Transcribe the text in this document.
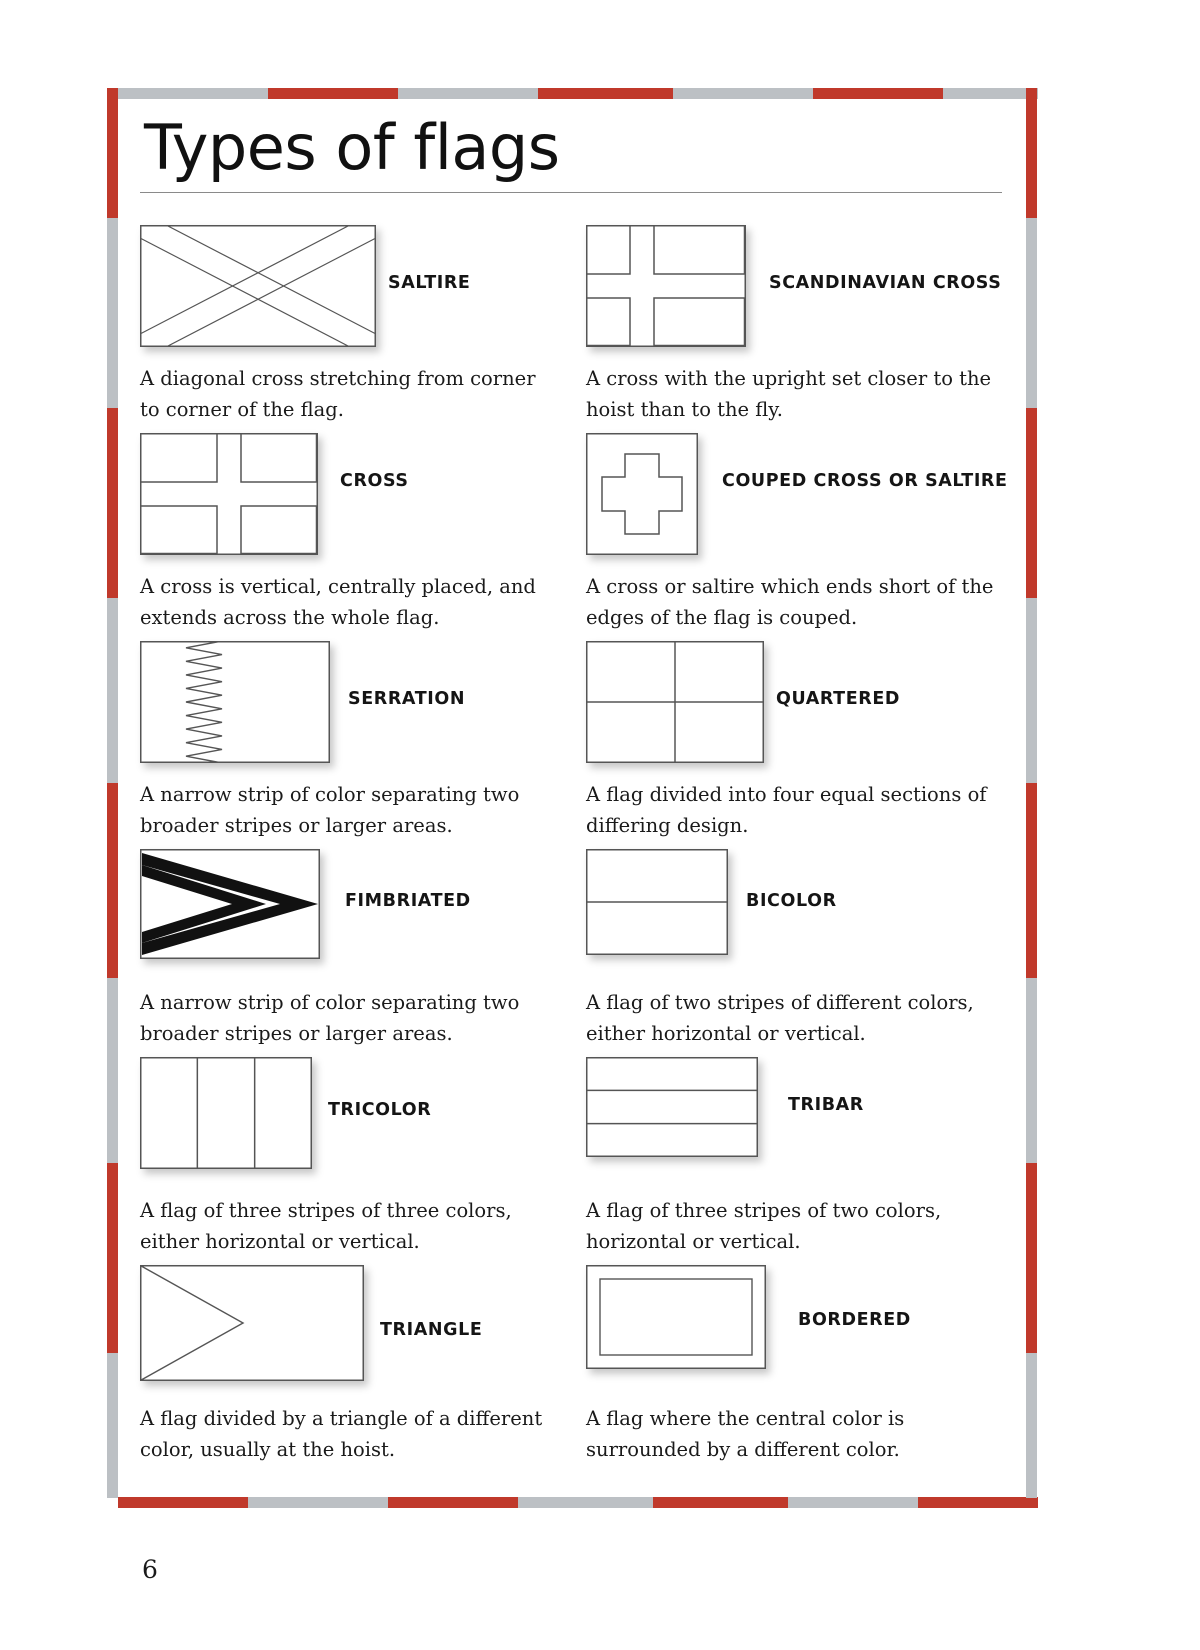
Types of flags
SALTIRE
A diagonal cross stretching from corner to corner of the flag.
SCANDINAVIAN CROSS
A cross with the upright set closer to the hoist than to the fly.
CROSS
A cross is vertical, centrally placed, and extends across the whole flag.
COUPED CROSS OR SALTIRE
A cross or saltire which ends short of the edges of the flag is couped.
SERRATION
A narrow strip of color separating two broader stripes or larger areas.
QUARTERED
A flag divided into four equal sections of differing design.
FIMBRIATED
A narrow strip of color separating two broader stripes or larger areas.
BICOLOR
A flag of two stripes of different colors, either horizontal or vertical.
TRICOLOR
A flag of three stripes of three colors, either horizontal or vertical.
TRIBAR
A flag of three stripes of two colors, horizontal or vertical.
TRIANGLE
A flag divided by a triangle of a different color, usually at the hoist.
BORDERED
A flag where the central color is surrounded by a different color.
6
